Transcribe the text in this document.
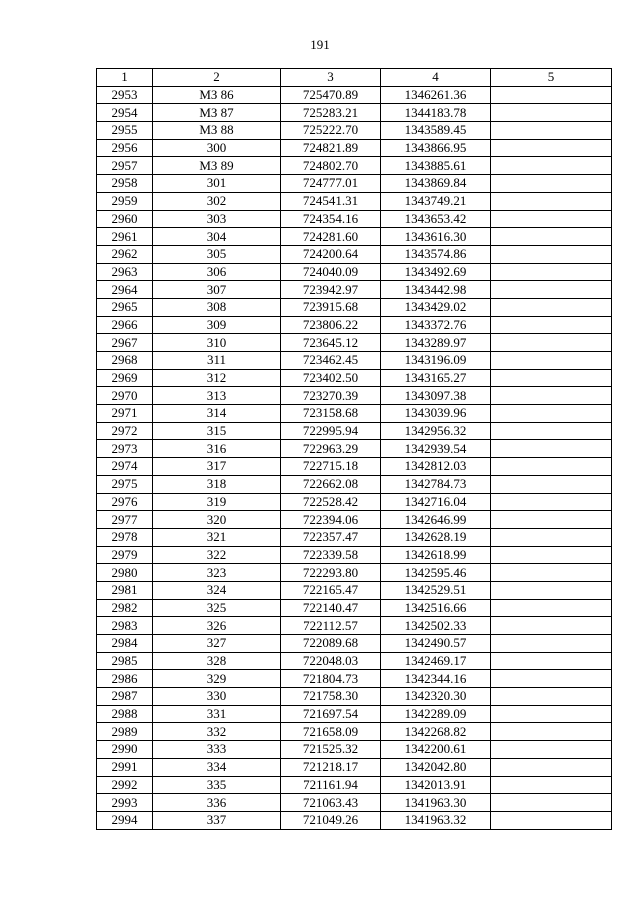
191
1	2	3	4	5
2953	МЗ 86	725470.89	1346261.36	
2954	МЗ 87	725283.21	1344183.78	
2955	МЗ 88	725222.70	1343589.45	
2956	300	724821.89	1343866.95	
2957	МЗ 89	724802.70	1343885.61	
2958	301	724777.01	1343869.84	
2959	302	724541.31	1343749.21	
2960	303	724354.16	1343653.42	
2961	304	724281.60	1343616.30	
2962	305	724200.64	1343574.86	
2963	306	724040.09	1343492.69	
2964	307	723942.97	1343442.98	
2965	308	723915.68	1343429.02	
2966	309	723806.22	1343372.76	
2967	310	723645.12	1343289.97	
2968	311	723462.45	1343196.09	
2969	312	723402.50	1343165.27	
2970	313	723270.39	1343097.38	
2971	314	723158.68	1343039.96	
2972	315	722995.94	1342956.32	
2973	316	722963.29	1342939.54	
2974	317	722715.18	1342812.03	
2975	318	722662.08	1342784.73	
2976	319	722528.42	1342716.04	
2977	320	722394.06	1342646.99	
2978	321	722357.47	1342628.19	
2979	322	722339.58	1342618.99	
2980	323	722293.80	1342595.46	
2981	324	722165.47	1342529.51	
2982	325	722140.47	1342516.66	
2983	326	722112.57	1342502.33	
2984	327	722089.68	1342490.57	
2985	328	722048.03	1342469.17	
2986	329	721804.73	1342344.16	
2987	330	721758.30	1342320.30	
2988	331	721697.54	1342289.09	
2989	332	721658.09	1342268.82	
2990	333	721525.32	1342200.61	
2991	334	721218.17	1342042.80	
2992	335	721161.94	1342013.91	
2993	336	721063.43	1341963.30	
2994	337	721049.26	1341963.32	
